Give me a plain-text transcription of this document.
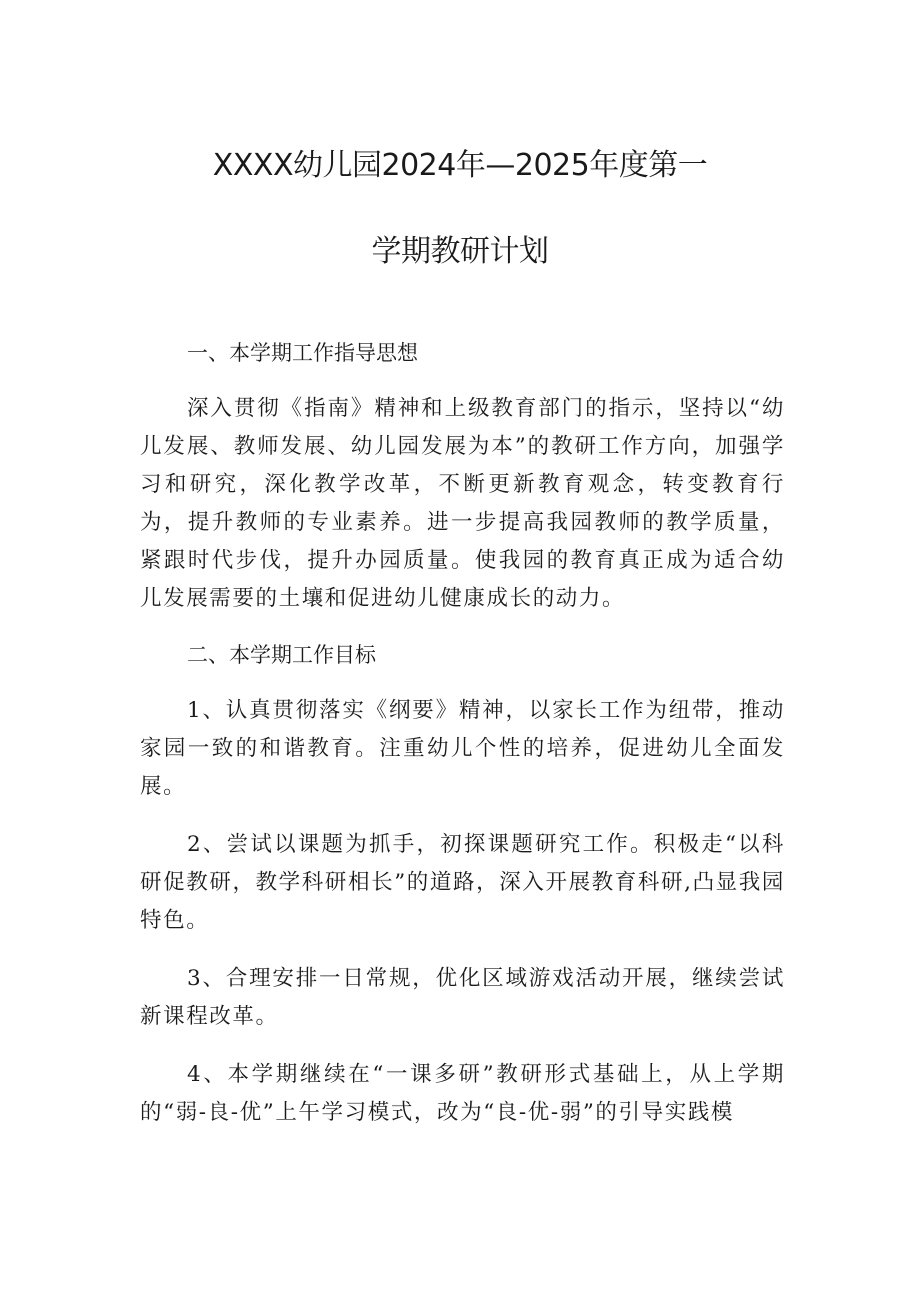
XXXX幼儿园2024年—2025年度第一
学期教研计划
一、本学期工作指导思想

深入贯彻《指南》精神和上级教育部门的指示，坚持以“幼儿发展、教师发展、幼儿园发展为本”的教研工作方向，加强学习和研究，深化教学改革，不断更新教育观念，转变教育行为，提升教师的专业素养。进一步提高我园教师的教学质量，紧跟时代步伐，提升办园质量。使我园的教育真正成为适合幼儿发展需要的土壤和促进幼儿健康成长的动力。

二、本学期工作目标

1、认真贯彻落实《纲要》精神，以家长工作为纽带，推动家园一致的和谐教育。注重幼儿个性的培养，促进幼儿全面发展。

2、尝试以课题为抓手，初探课题研究工作。积极走“以科研促教研，教学科研相长”的道路，深入开展教育科研,凸显我园特色。

3、合理安排一日常规，优化区域游戏活动开展，继续尝试新课程改革。

4、本学期继续在“一课多研”教研形式基础上，从上学期的“弱-良-优”上午学习模式，改为“良-优-弱”的引导实践模
